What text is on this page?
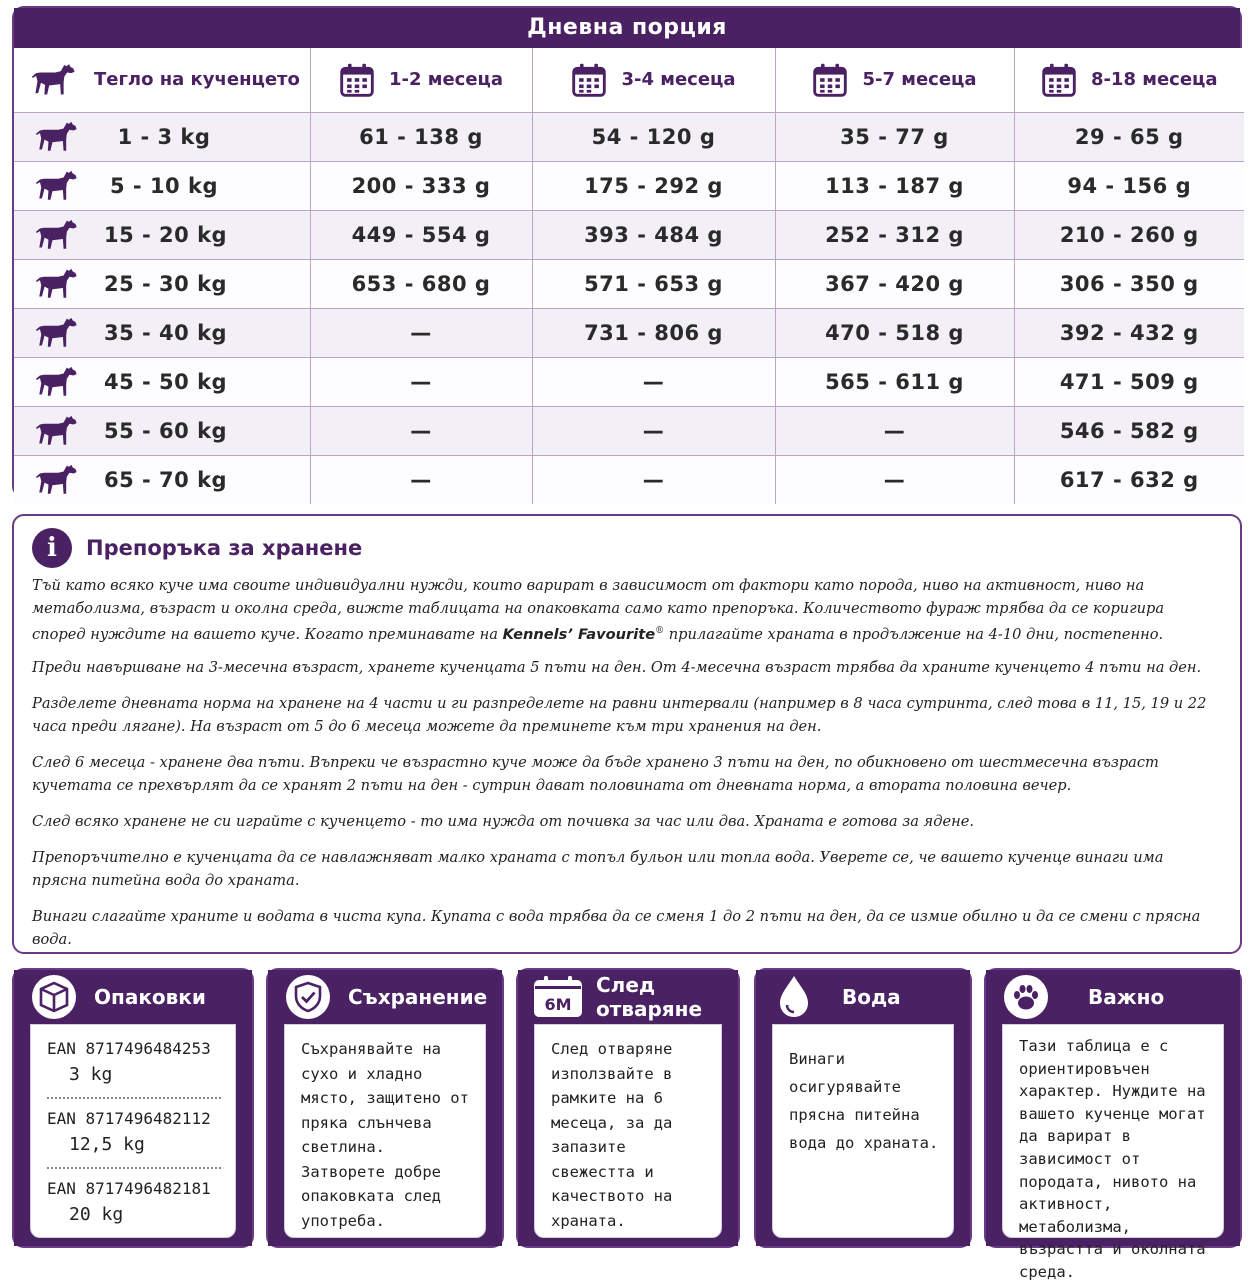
Дневна порция
Тегло на кученцето	1-2 месеца	3-4 месеца	5-7 месеца	8-18 месеца

1 - 3 kg	61 - 138 g	54 - 120 g	35 - 77 g	29 - 65 g

5 - 10 kg	200 - 333 g	175 - 292 g	113 - 187 g	94 - 156 g

15 - 20 kg	449 - 554 g	393 - 484 g	252 - 312 g	210 - 260 g

25 - 30 kg	653 - 680 g	571 - 653 g	367 - 420 g	306 - 350 g

35 - 40 kg	—	731 - 806 g	470 - 518 g	392 - 432 g

45 - 50 kg	—	—	565 - 611 g	471 - 509 g

55 - 60 kg	—	—	—	546 - 582 g

65 - 70 kg	—	—	—	617 - 632 g
i	Препоръка за хранене

Тъй като всяко куче има своите индивидуални нужди, които варират в зависимост от фактори като порода, ниво на активност, ниво на метаболизма, възраст и околна среда, вижте таблицата на опаковката само като препоръка. Количеството фураж трябва да се коригира според нуждите на вашето куче. Когато преминавате на Kennels’ Favourite® прилагайте храната в продължение на 4-10 дни, постепенно.

Преди навършване на 3-месечна възраст, хранете кученцата 5 пъти на ден. От 4-месечна възраст трябва да храните кученцето 4 пъти на ден.

Разделете дневната норма на хранене на 4 части и ги разпределете на равни интервали (например в 8 часа сутринта, след това в 11, 15, 19 и 22 часа преди лягане). На възраст от 5 до 6 месеца можете да преминете към три хранения на ден.

След 6 месеца - хранене два пъти. Въпреки че възрастно куче може да бъде хранено 3 пъти на ден, по обикновено от шестмесечна възраст кучетата се прехвърлят да се хранят 2 пъти на ден - сутрин дават половината от дневната норма, а втората половина вечер.

След всяко хранене не си играйте с кученцето - то има нужда от почивка за час или два. Храната е готова за ядене.

Препоръчително е кученцата да се навлажняват малко храната с топъл бульон или топла вода. Уверете се, че вашето кученце винаги има прясна питейна вода до храната.

Винаги слагайте храните и водата в чиста купа. Купата с вода трябва да се сменя 1 до 2 пъти на ден, да се измие обилно и да се смени с прясна вода.

Опаковки
EAN 8717496484253
3 kg
EAN 8717496482112
12,5 kg
EAN 8717496482181
20 kg
Съхранение
Съхранявайте на сухо и хладно място, защитено от пряка слънчева светлина. Затворете добре опаковката след употреба.
6M
След отваряне
След отваряне използвайте в рамките на 6 месеца, за да запазите свежестта и качеството на храната.
Вода
Винаги осигурявайте прясна питейна вода до храната.
Важно
Тази таблица е с ориентировъчен характер. Нуждите на вашето кученце могат да варират в зависимост от породата, нивото на активност, метаболизма, възрастта и околната среда.
